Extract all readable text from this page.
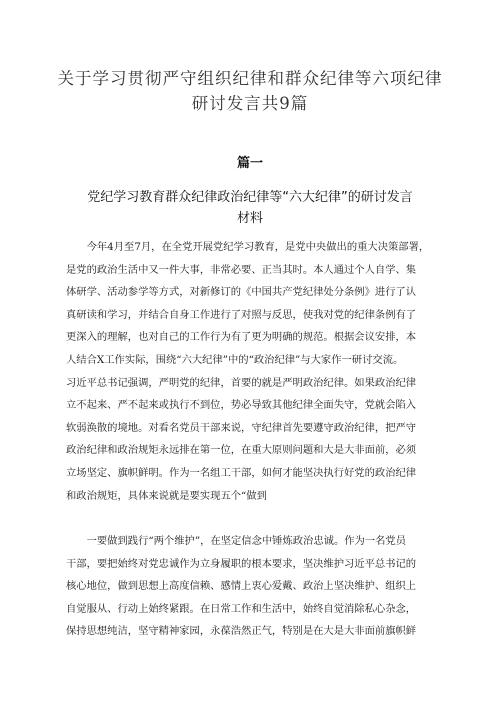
关于学习贯彻严守组织纪律和群众纪律等六项纪律
研讨发言共9篇
篇一
党纪学习教育群众纪律政治纪律等“六大纪律”的研讨发言
材料
　　今年4月至7月，在全党开展党纪学习教育，是党中央做出的重大决策部署，
是党的政治生活中又一件大事，非常必要、正当其时。本人通过个人自学、集
体研学、活动参学等方式，对新修订的《中国共产党纪律处分条例》进行了认
真研读和学习，并结合自身工作进行了对照与反思，使我对党的纪律条例有了
更深入的理解，也对自己的工作行为有了更为明确的规范。根据会议安排，本
人结合X工作实际，围绕“六大纪律”中的“政治纪律”与大家作一研讨交流。
习近平总书记强调，严明党的纪律，首要的就是严明政治纪律。如果政治纪律
立不起来、严不起来或执行不到位，势必导致其他纪律全面失守，党就会陷入
软弱涣散的境地。对看名党员干部来说，守纪律首先要遵守政治纪律，把严守
政治纪律和政治规矩永远排在第一位，在重大原则问题和大是大非面前，必须
立场坚定、旗帜鲜明。作为一名组工干部，如何才能坚决执行好党的政治纪律
和政治规矩，具体来说就是要实现五个“做到
　　一要做到践行“两个维护”，在坚定信念中锤炼政治忠诚。作为一名党员
干部，要把始终对党忠诚作为立身履职的根本要求，坚决维护习近平总书记的
核心地位，做到思想上高度信赖、感情上衷心爱戴、政治上坚决维护、组织上
自觉服从、行动上始终紧跟。在日常工作和生活中，始终自觉消除私心杂念，
保持思想纯洁，坚守精神家园，永葆浩然正气，特别是在大是大非面前旗帜鲜
